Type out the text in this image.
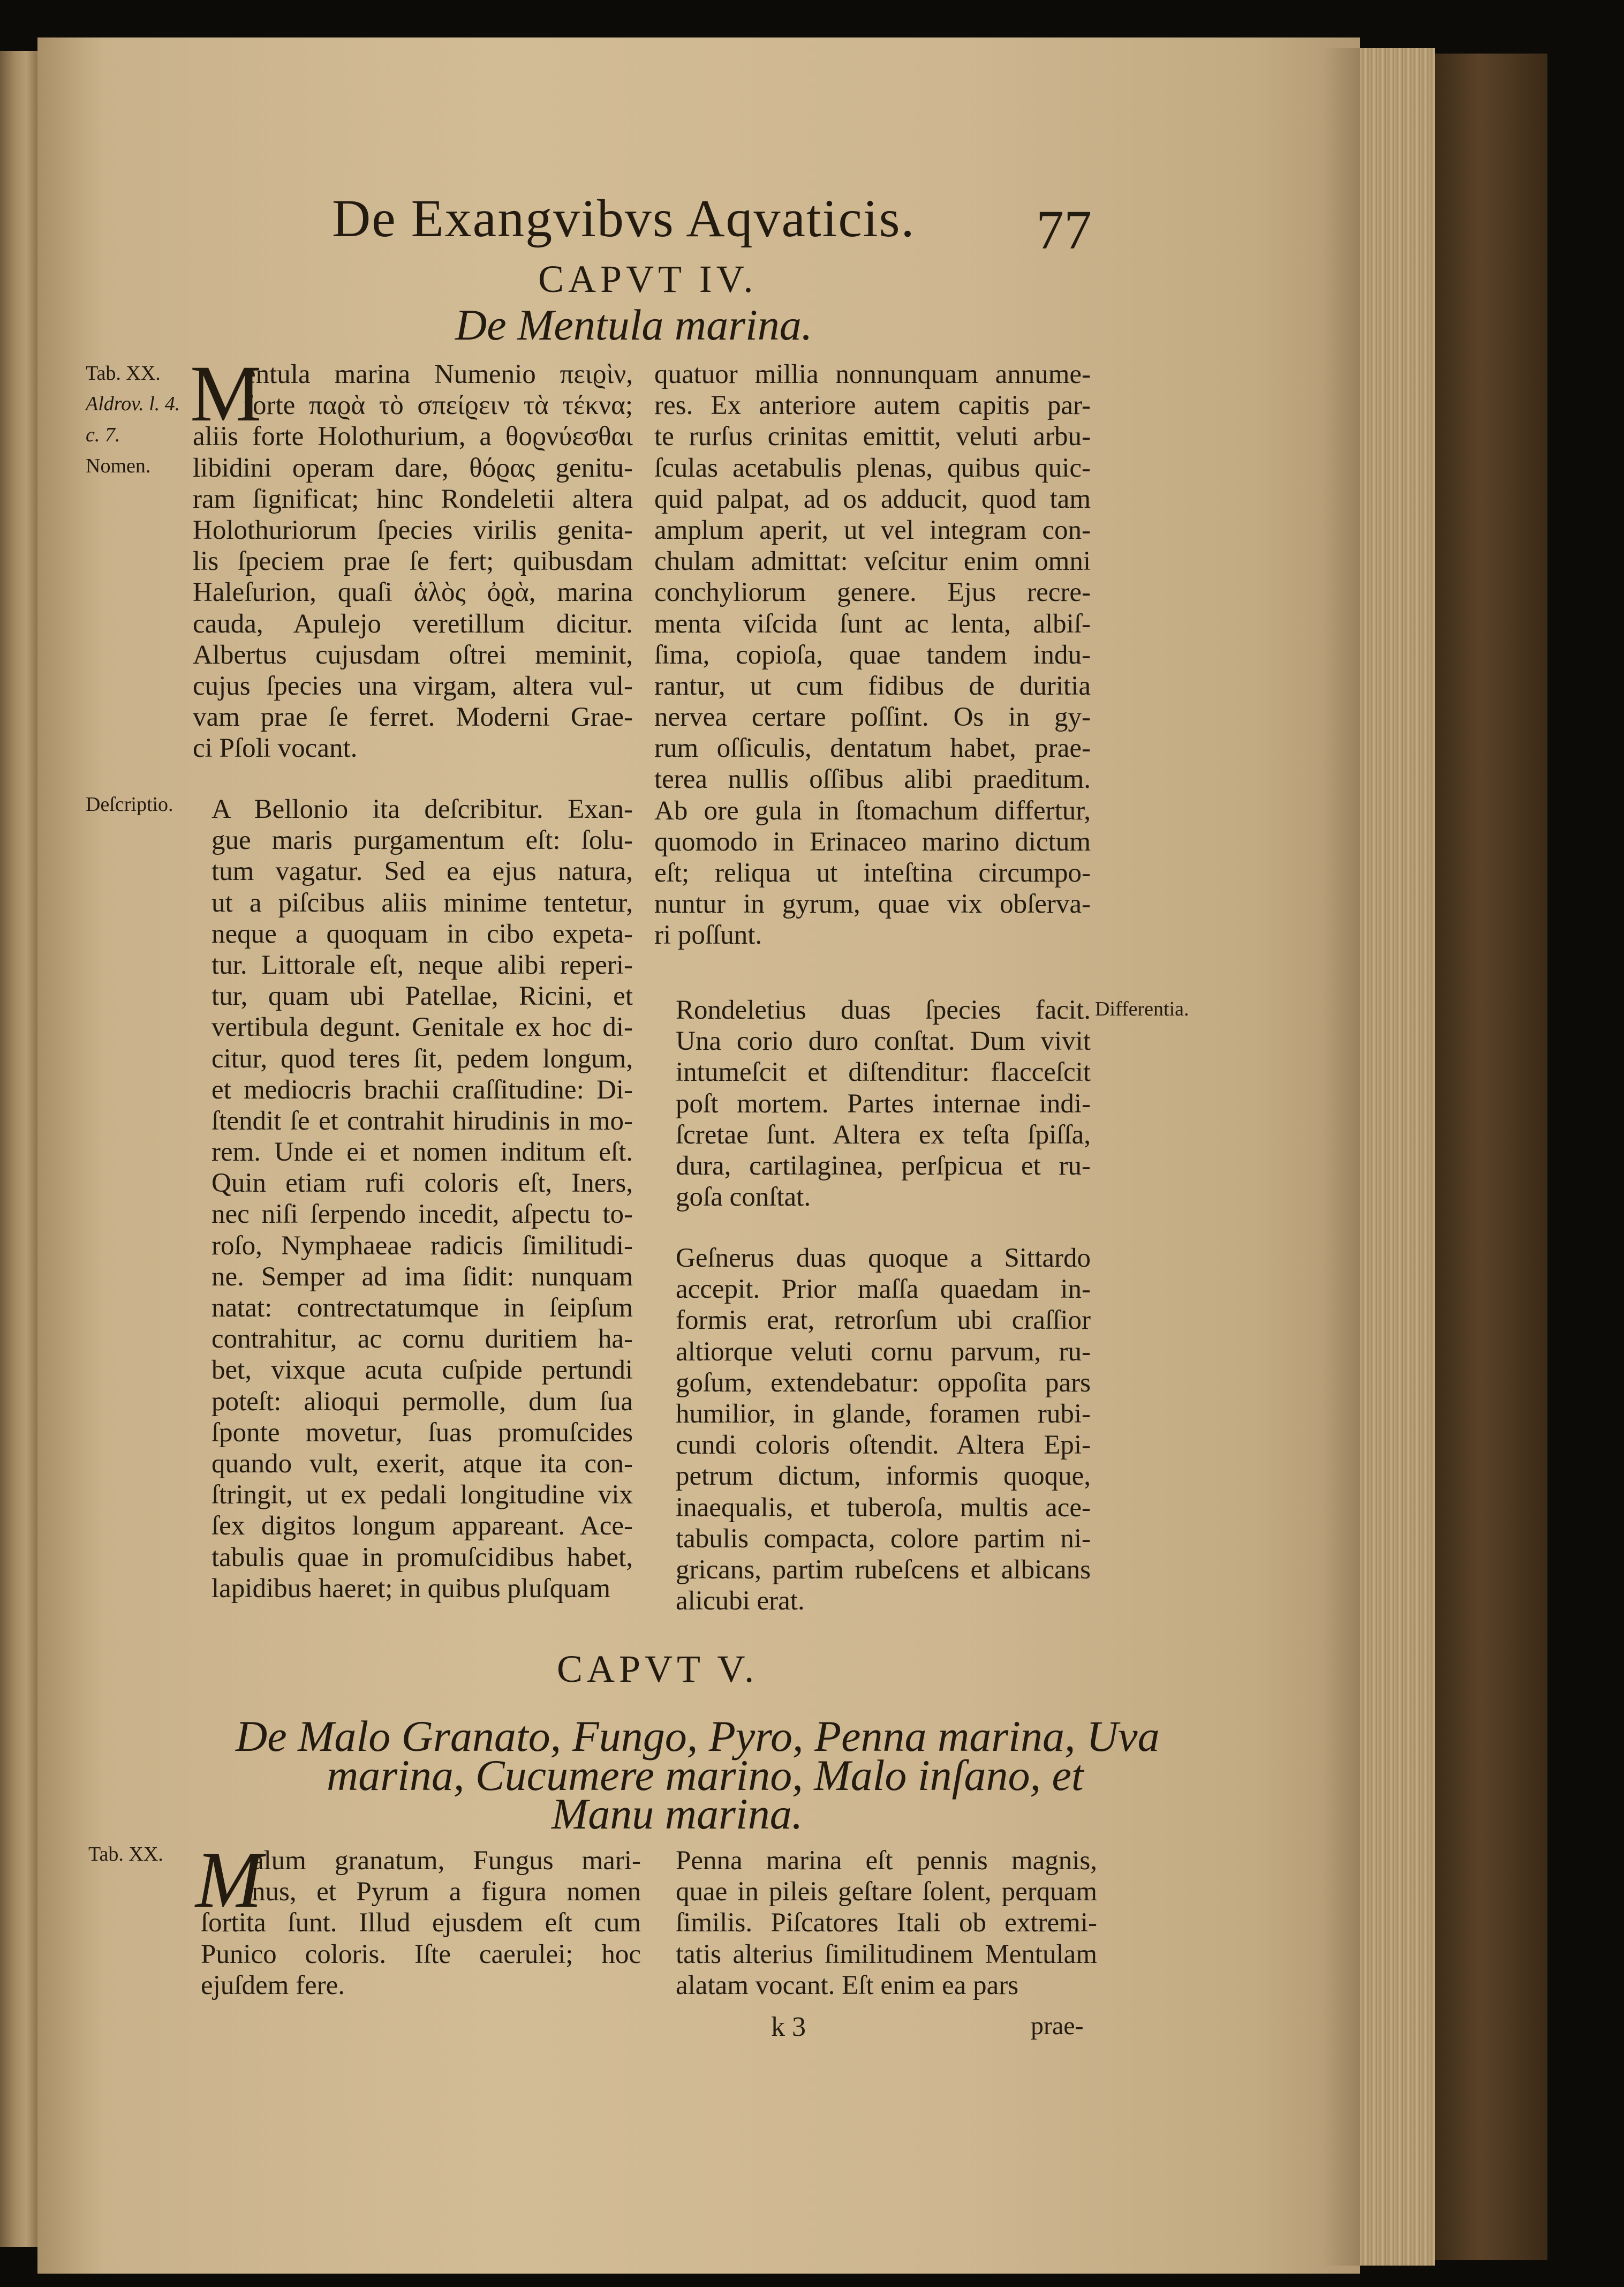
De Exangvibvs Aqvaticis. 77
CAPVT IV.
De Mentula marina.
Tab. XX.
Aldrov. l. 4.
c. 7.
Nomen.
Deſcriptio.
Differentia.
M
entula marina Numenio πειϱὶν,
forte παϱὰ τὸ σπείϱειν τὰ τέκνα;
aliis forte Holothurium, a θοϱνύεσθαι
libidini operam dare, θόϱας genitu-
ram ſignificat; hinc Rondeletii altera
Holothuriorum ſpecies virilis genita-
lis ſpeciem prae ſe fert; quibusdam
Haleſurion, quaſi ἁλὸς ὀϱὰ, marina
cauda, Apulejo veretillum dicitur.
Albertus cujusdam oſtrei meminit,
cujus ſpecies una virgam, altera vul-
vam prae ſe ferret. Moderni Grae-
ci Pſoli vocant.
A Bellonio ita deſcribitur. Exan-
gue maris purgamentum eſt: ſolu-
tum vagatur. Sed ea ejus natura,
ut a piſcibus aliis minime tentetur,
neque a quoquam in cibo expeta-
tur. Littorale eſt, neque alibi reperi-
tur, quam ubi Patellae, Ricini, et
vertibula degunt. Genitale ex hoc di-
citur, quod teres ſit, pedem longum,
et mediocris brachii craſſitudine: Di-
ſtendit ſe et contrahit hirudinis in mo-
rem. Unde ei et nomen inditum eſt.
Quin etiam rufi coloris eſt, Iners,
nec niſi ſerpendo incedit, aſpectu to-
roſo, Nymphaeae radicis ſimilitudi-
ne. Semper ad ima ſidit: nunquam
natat: contrectatumque in ſeipſum
contrahitur, ac cornu duritiem ha-
bet, vixque acuta cuſpide pertundi
poteſt: alioqui permolle, dum ſua
ſponte movetur, ſuas promuſcides
quando vult, exerit, atque ita con-
ſtringit, ut ex pedali longitudine vix
ſex digitos longum appareant. Ace-
tabulis quae in promuſcidibus habet,
lapidibus haeret; in quibus pluſquam
quatuor millia nonnunquam annume-
res. Ex anteriore autem capitis par-
te rurſus crinitas emittit, veluti arbu-
ſculas acetabulis plenas, quibus quic-
quid palpat, ad os adducit, quod tam
amplum aperit, ut vel integram con-
chulam admittat: veſcitur enim omni
conchyliorum genere. Ejus recre-
menta viſcida ſunt ac lenta, albiſ-
ſima, copioſa, quae tandem indu-
rantur, ut cum fidibus de duritia
nervea certare poſſint. Os in gy-
rum oſſiculis, dentatum habet, prae-
terea nullis oſſibus alibi praeditum.
Ab ore gula in ſtomachum differtur,
quomodo in Erinaceo marino dictum
eſt; reliqua ut inteſtina circumpo-
nuntur in gyrum, quae vix obſerva-
ri poſſunt.
Rondeletius duas ſpecies facit.
Una corio duro conſtat. Dum vivit
intumeſcit et diſtenditur: flacceſcit
poſt mortem. Partes internae indi-
ſcretae ſunt. Altera ex teſta ſpiſſa,
dura, cartilaginea, perſpicua et ru-
goſa conſtat.
Geſnerus duas quoque a Sittardo
accepit. Prior maſſa quaedam in-
formis erat, retrorſum ubi craſſior
altiorque veluti cornu parvum, ru-
goſum, extendebatur: oppoſita pars
humilior, in glande, foramen rubi-
cundi coloris oſtendit. Altera Epi-
petrum dictum, informis quoque,
inaequalis, et tuberoſa, multis ace-
tabulis compacta, colore partim ni-
gricans, partim rubeſcens et albicans
alicubi erat.
CAPVT V.
De Malo Granato, Fungo, Pyro, Penna marina, Uva
marina, Cucumere marino, Malo inſano, et
Manu marina.
Tab. XX. M
alum granatum, Fungus mari-
nus, et Pyrum a figura nomen
ſortita ſunt. Illud ejusdem eſt cum
Punico coloris. Iſte caerulei; hoc
ejuſdem fere.
Penna marina eſt pennis magnis,
quae in pileis geſtare ſolent, perquam
ſimilis. Piſcatores Itali ob extremi-
tatis alterius ſimilitudinem Mentulam
alatam vocant. Eſt enim ea pars
k 3	prae-
